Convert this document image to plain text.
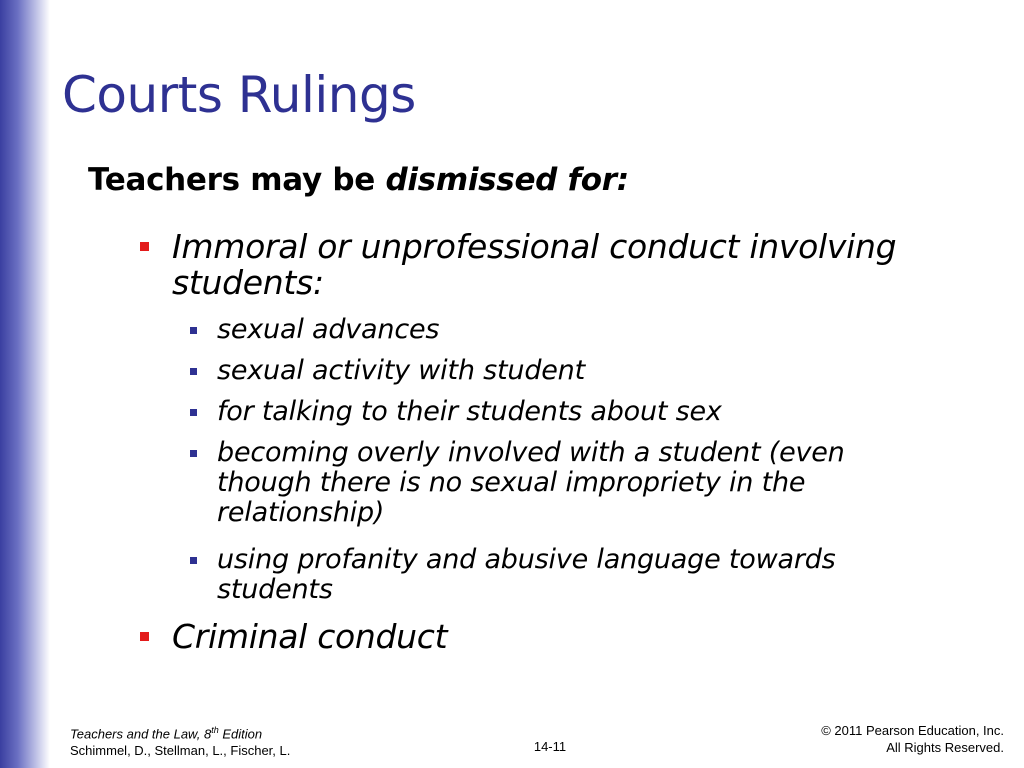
Courts Rulings
Teachers may be dismissed for:
Immoral or unprofessional conduct involving students:
sexual advances
sexual activity with student
for talking to their students about sex
becoming overly involved with a student (even though there is no sexual impropriety in the relationship)
using profanity and abusive language towards students
Criminal conduct
Teachers and the Law, 8th Edition
Schimmel, D., Stellman, L., Fischer, L.	14-11
© 2011 Pearson Education, Inc.
All Rights Reserved.
